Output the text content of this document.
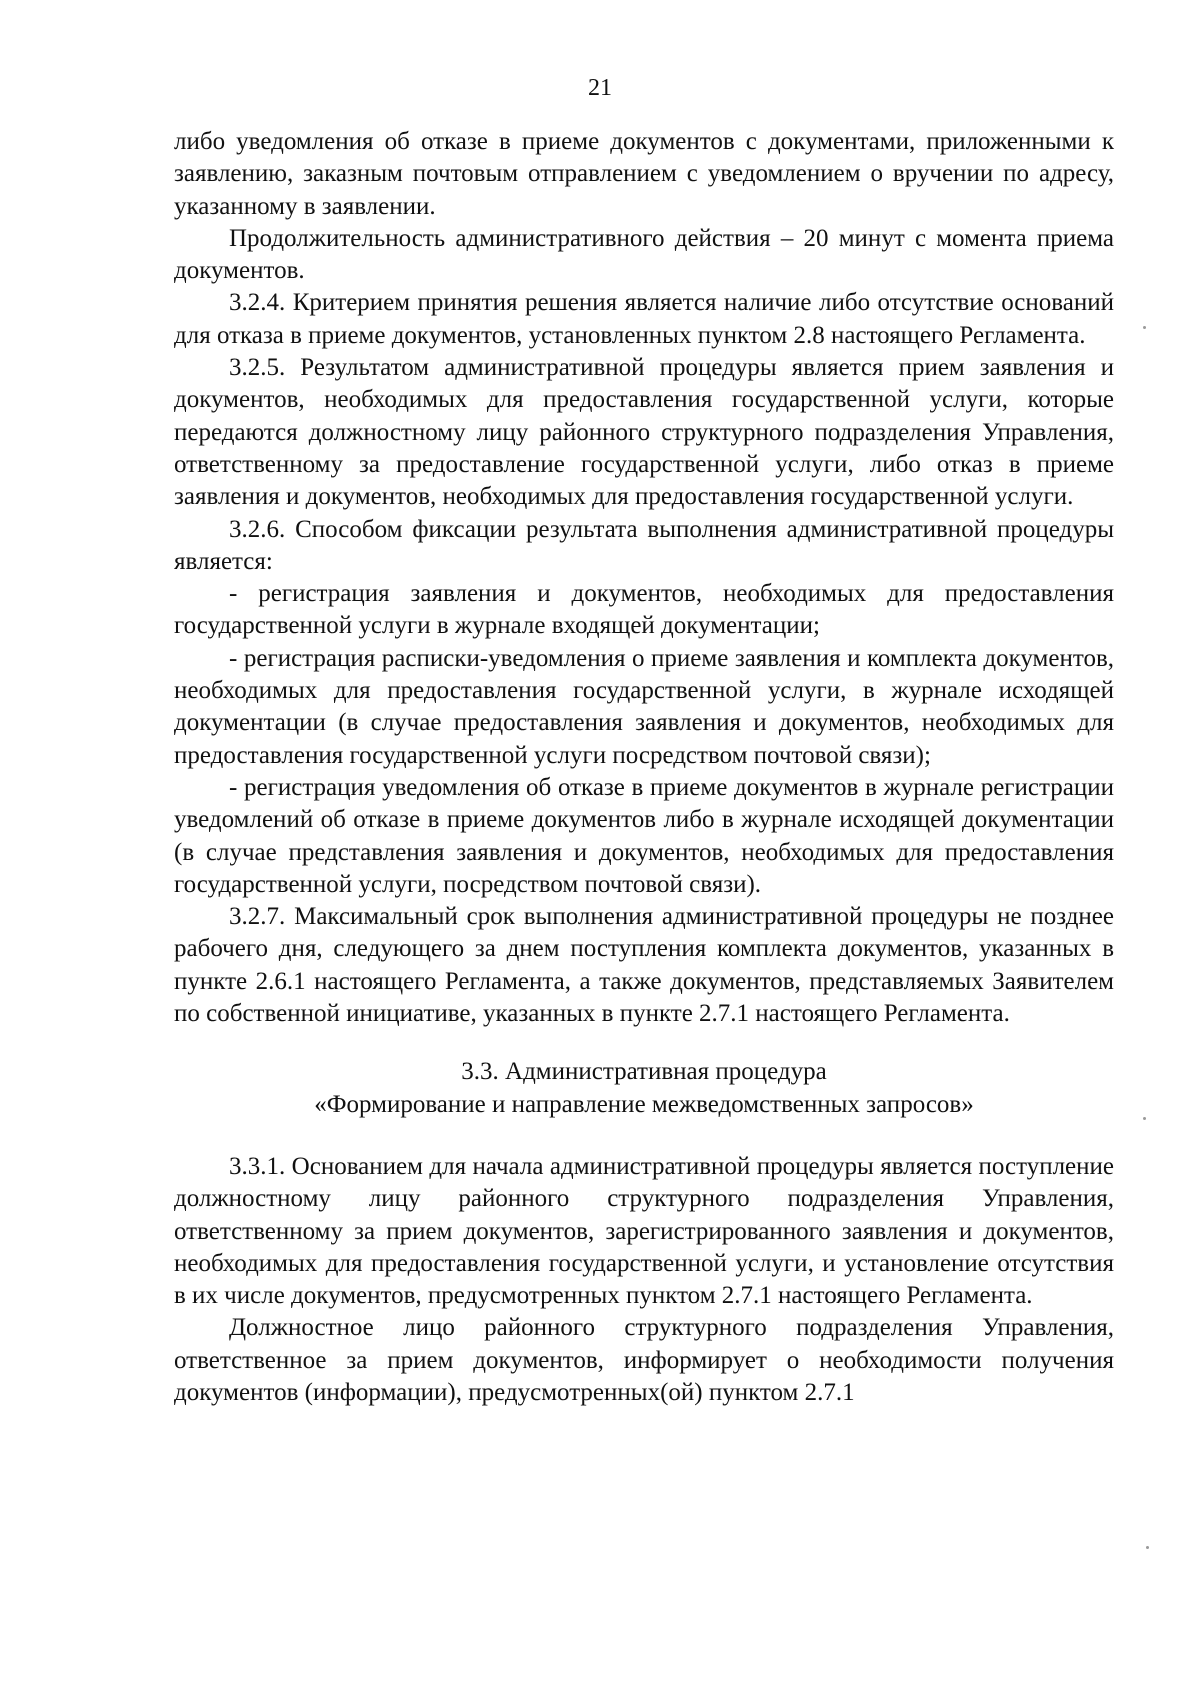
21

либо уведомления об отказе в приеме документов с документами, приложенными к заявлению, заказным почтовым отправлением с уведомлением о вручении по адресу, указанному в заявлении.

Продолжительность административного действия – 20 минут с момента приема документов.

3.2.4. Критерием принятия решения является наличие либо отсутствие оснований для отказа в приеме документов, установленных пунктом 2.8 настоящего Регламента.

3.2.5. Результатом административной процедуры является прием заявления и документов, необходимых для предоставления государственной услуги, которые передаются должностному лицу районного структурного подразделения Управления, ответственному за предоставление государственной услуги, либо отказ в приеме заявления и документов, необходимых для предоставления государственной услуги.

3.2.6. Способом фиксации результата выполнения административной процедуры является:

- регистрация заявления и документов, необходимых для предоставления государственной услуги в журнале входящей документации;

- регистрация расписки-уведомления о приеме заявления и комплекта документов, необходимых для предоставления государственной услуги, в журнале исходящей документации (в случае предоставления заявления и документов, необходимых для предоставления государственной услуги посредством почтовой связи);

- регистрация уведомления об отказе в приеме документов в журнале регистрации уведомлений об отказе в приеме документов либо в журнале исходящей документации (в случае представления заявления и документов, необходимых для предоставления государственной услуги, посредством почтовой связи).

3.2.7. Максимальный срок выполнения административной процедуры не позднее рабочего дня, следующего за днем поступления комплекта документов, указанных в пункте 2.6.1 настоящего Регламента, а также документов, представляемых Заявителем по собственной инициативе, указанных в пункте 2.7.1 настоящего Регламента.

3.3. Административная процедура
«Формирование и направление межведомственных запросов»

3.3.1. Основанием для начала административной процедуры является поступление должностному лицу районного структурного подразделения Управления, ответственному за прием документов, зарегистрированного заявления и документов, необходимых для предоставления государственной услуги, и установление отсутствия в их числе документов, предусмотренных пунктом 2.7.1 настоящего Регламента.

Должностное лицо районного структурного подразделения Управления, ответственное за прием документов, информирует о необходимости получения документов (информации), предусмотренных(ой) пунктом 2.7.1
